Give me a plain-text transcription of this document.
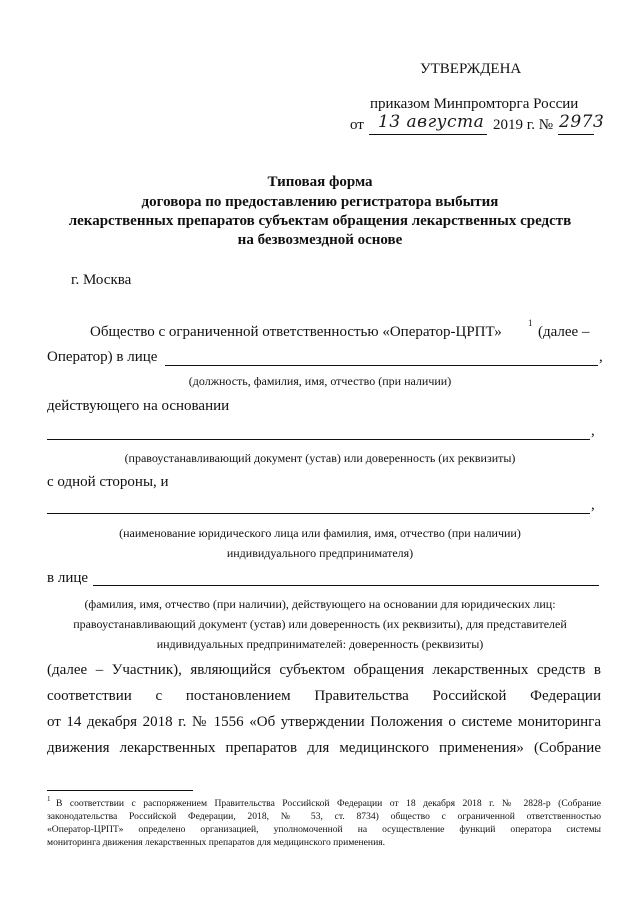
УТВЕРЖДЕНА
приказом Минпромторга России
от 13 августа 2019 г. № 2973
Типовая форма
договора по предоставлению регистратора выбытия
лекарственных препаратов субъектам обращения лекарственных средств
на безвозмездной основе
г. Москва
Общество с ограниченной ответственностью «Оператор-ЦРПТ»
1
(далее –
Оператор) в лице	,
(должность, фамилия, имя, отчество (при наличии)
действующего на основании
,
(правоустанавливающий документ (устав) или доверенность (их реквизиты)
с одной стороны, и
,
(наименование юридического лица или фамилия, имя, отчество (при наличии)
индивидуального предпринимателя)
в лице
(фамилия, имя, отчество (при наличии), действующего на основании для юридических лиц:
правоустанавливающий документ (устав) или доверенность (их реквизиты), для представителей
индивидуальных предпринимателей: доверенность (реквизиты)
(далее – Участник), являющийся субъектом обращения лекарственных средств в
соответствии с постановлением Правительства Российской Федерации
от 14 декабря 2018 г. № 1556 «Об утверждении Положения о системе мониторинга
движения лекарственных препаратов для медицинского применения» (Собрание
1 В соответствии с распоряжением Правительства Российской Федерации от 18 декабря 2018 г. № 2828-р (Собрание
законодательства Российской Федерации, 2018, № 53, ст. 8734) общество с ограниченной ответственностью
«Оператор-ЦРПТ» определено организацией, уполномоченной на осуществление функций оператора системы
мониторинга движения лекарственных препаратов для медицинского применения.
